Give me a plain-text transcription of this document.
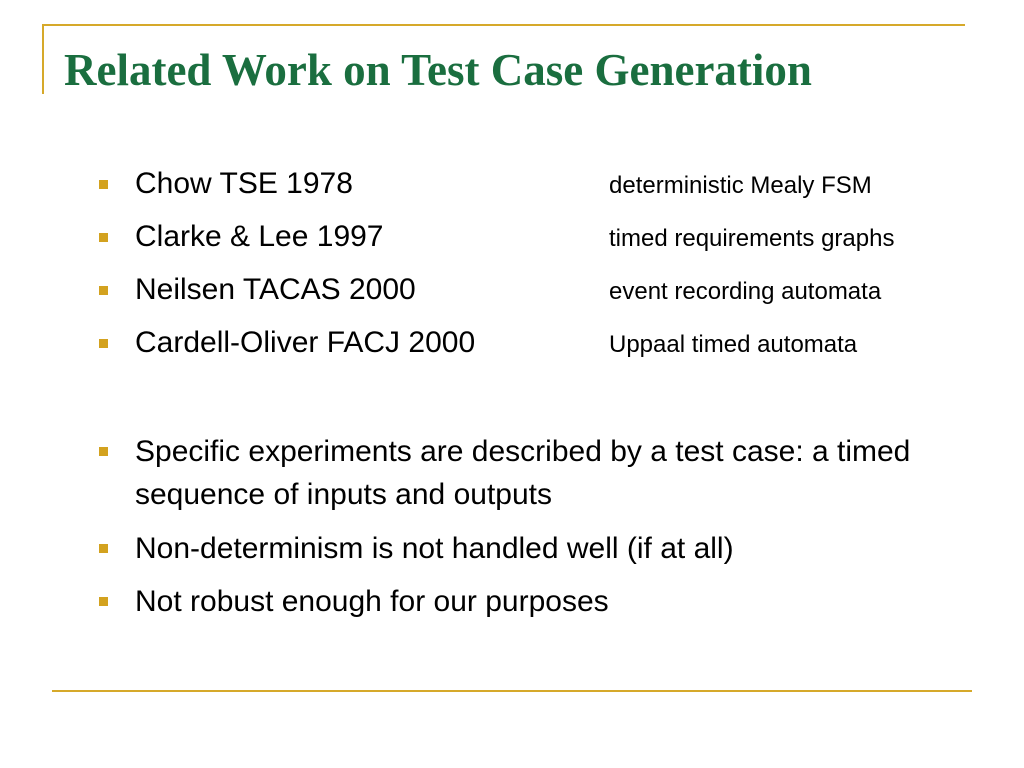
Related Work on Test Case Generation
Chow TSE 1978	deterministic Mealy FSM
Clarke & Lee 1997	timed requirements graphs
Neilsen TACAS 2000	event recording automata
Cardell-Oliver FACJ 2000	Uppaal timed automata
Specific experiments are described by a test case: a timed sequence of inputs and outputs
Non-determinism is not handled well (if at all)
Not robust enough for our purposes
